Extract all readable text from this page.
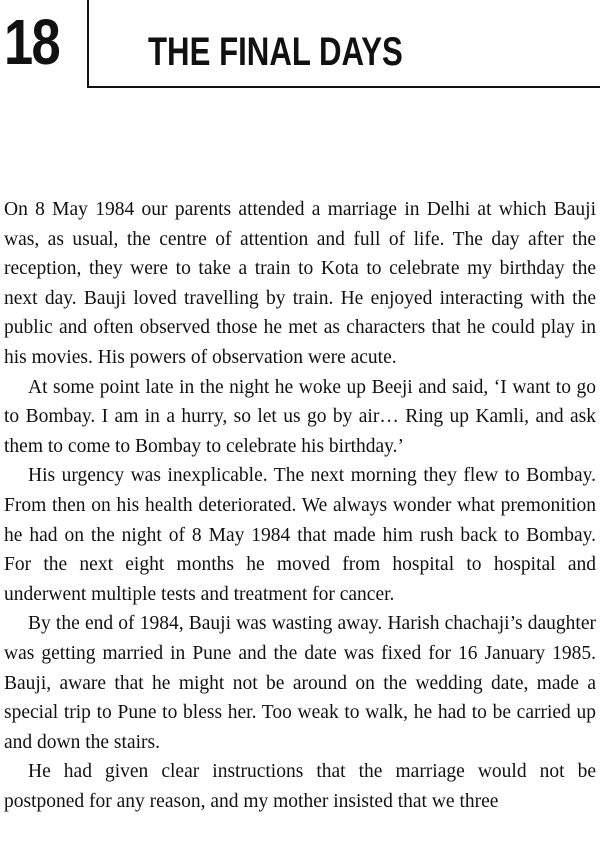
18 THE FINAL DAYS

On 8 May 1984 our parents attended a marriage in Delhi at which Bauji was, as usual, the centre of attention and full of life. The day after the reception, they were to take a train to Kota to celebrate my birthday the next day. Bauji loved travelling by train. He enjoyed interacting with the public and often observed those he met as characters that he could play in his movies. His powers of observation were acute.

At some point late in the night he woke up Beeji and said, ‘I want to go to Bombay. I am in a hurry, so let us go by air… Ring up Kamli, and ask them to come to Bombay to celebrate his birthday.’

His urgency was inexplicable. The next morning they flew to Bombay. From then on his health deteriorated. We always wonder what premonition he had on the night of 8 May 1984 that made him rush back to Bombay. For the next eight months he moved from hospital to hospital and underwent multiple tests and treatment for cancer.

By the end of 1984, Bauji was wasting away. Harish chachaji’s daughter was getting married in Pune and the date was fixed for 16 January 1985. Bauji, aware that he might not be around on the wedding date, made a special trip to Pune to bless her. Too weak to walk, he had to be carried up and down the stairs.

He had given clear instructions that the marriage would not be postponed for any reason, and my mother insisted that we three
